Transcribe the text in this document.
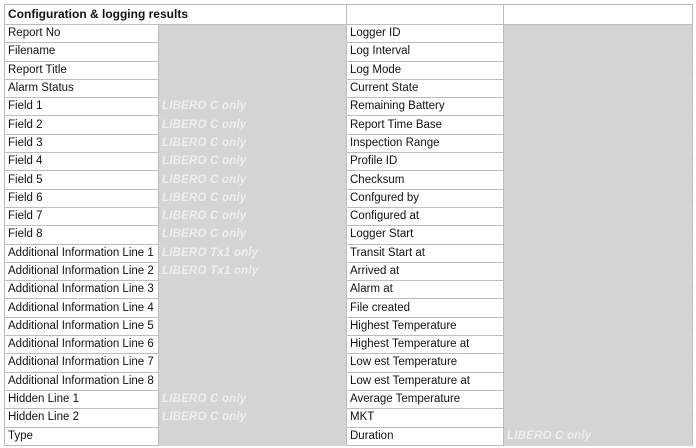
Configuration & logging results			
Report No		Logger ID	
Filename		Log Interval	
Report Title		Log Mode	
Alarm Status		Current State	
Field 1	LIBERO C only	Remaining Battery	
Field 2	LIBERO C only	Report Time Base	
Field 3	LIBERO C only	Inspection Range	
Field 4	LIBERO C only	Profile ID	
Field 5	LIBERO C only	Checksum	
Field 6	LIBERO C only	Confgured by	
Field 7	LIBERO C only	Configured at	
Field 8	LIBERO C only	Logger Start	
Additional Information Line 1	LIBERO Tx1 only	Transit Start at	
Additional Information Line 2	LIBERO Tx1 only	Arrived at	
Additional Information Line 3		Alarm at	
Additional Information Line 4		File created	
Additional Information Line 5		Highest Temperature	
Additional Information Line 6		Highest Temperature at	
Additional Information Line 7		Low est Temperature	
Additional Information Line 8		Low est Temperature at	
Hidden Line 1	LIBERO C only	Average Temperature	
Hidden Line 2	LIBERO C only	MKT	
Type		Duration	LIBERO C only
